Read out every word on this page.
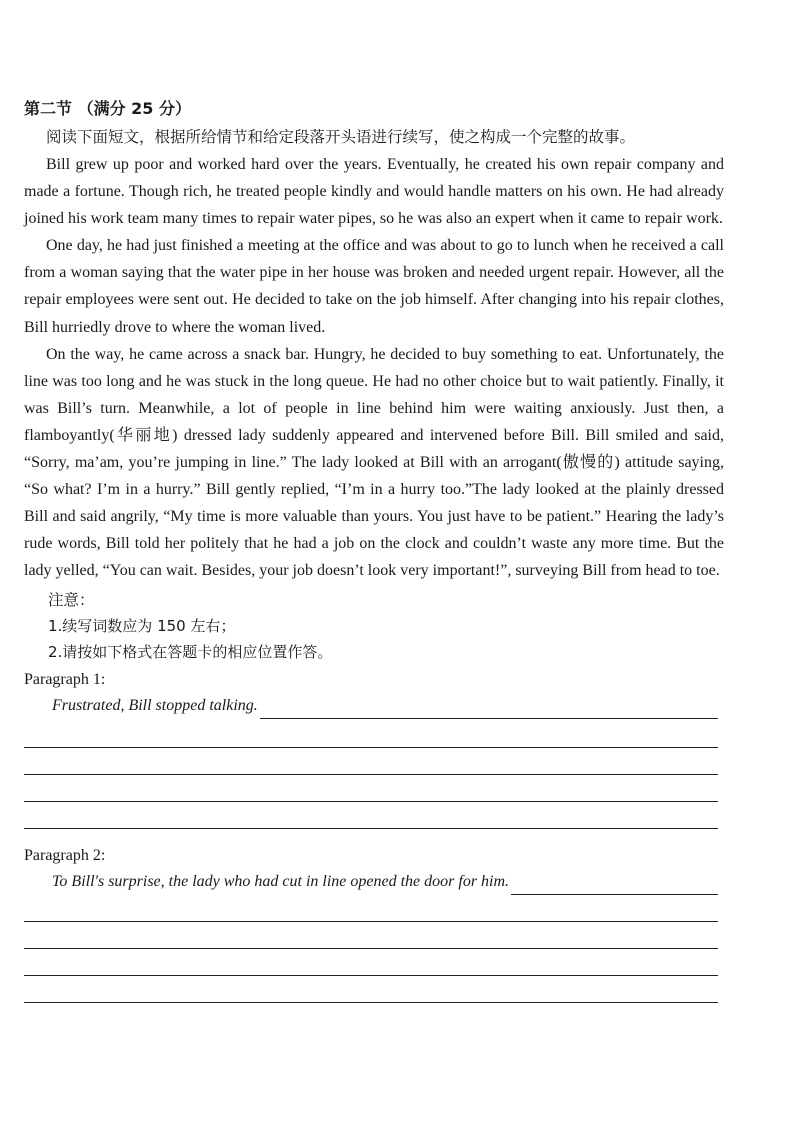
第二节 （满分 25 分）

阅读下面短文，根据所给情节和给定段落开头语进行续写，使之构成一个完整的故事。

Bill grew up poor and worked hard over the years. Eventually, he created his own repair company and made a fortune. Though rich, he treated people kindly and would handle matters on his own. He had already joined his work team many times to repair water pipes, so he was also an expert when it came to repair work.

One day, he had just finished a meeting at the office and was about to go to lunch when he received a call from a woman saying that the water pipe in her house was broken and needed urgent repair. However, all the repair employees were sent out. He decided to take on the job himself. After changing into his repair clothes, Bill hurriedly drove to where the woman lived.

On the way, he came across a snack bar. Hungry, he decided to buy something to eat. Unfortunately, the line was too long and he was stuck in the long queue. He had no other choice but to wait patiently. Finally, it was Bill’s turn. Meanwhile, a lot of people in line behind him were waiting anxiously. Just then, a flamboyantly(华丽地) dressed lady suddenly appeared and intervened before Bill. Bill smiled and said, “Sorry, ma’am, you’re jumping in line.” The lady looked at Bill with an arrogant(傲慢的) attitude saying, “So what? I’m in a hurry.” Bill gently replied, “I’m in a hurry too.”The lady looked at the plainly dressed Bill and said angrily, “My time is more valuable than yours. You just have to be patient.” Hearing the lady’s rude words, Bill told her politely that he had a job on the clock and couldn’t waste any more time. But the lady yelled, “You can wait. Besides, your job doesn’t look very important!”, surveying Bill from head to toe.

注意：
1.续写词数应为 150 左右；
2.请按如下格式在答题卡的相应位置作答。
Paragraph 1:
Frustrated, Bill stopped talking.
Paragraph 2:
To Bill's surprise, the lady who had cut in line opened the door for him.
